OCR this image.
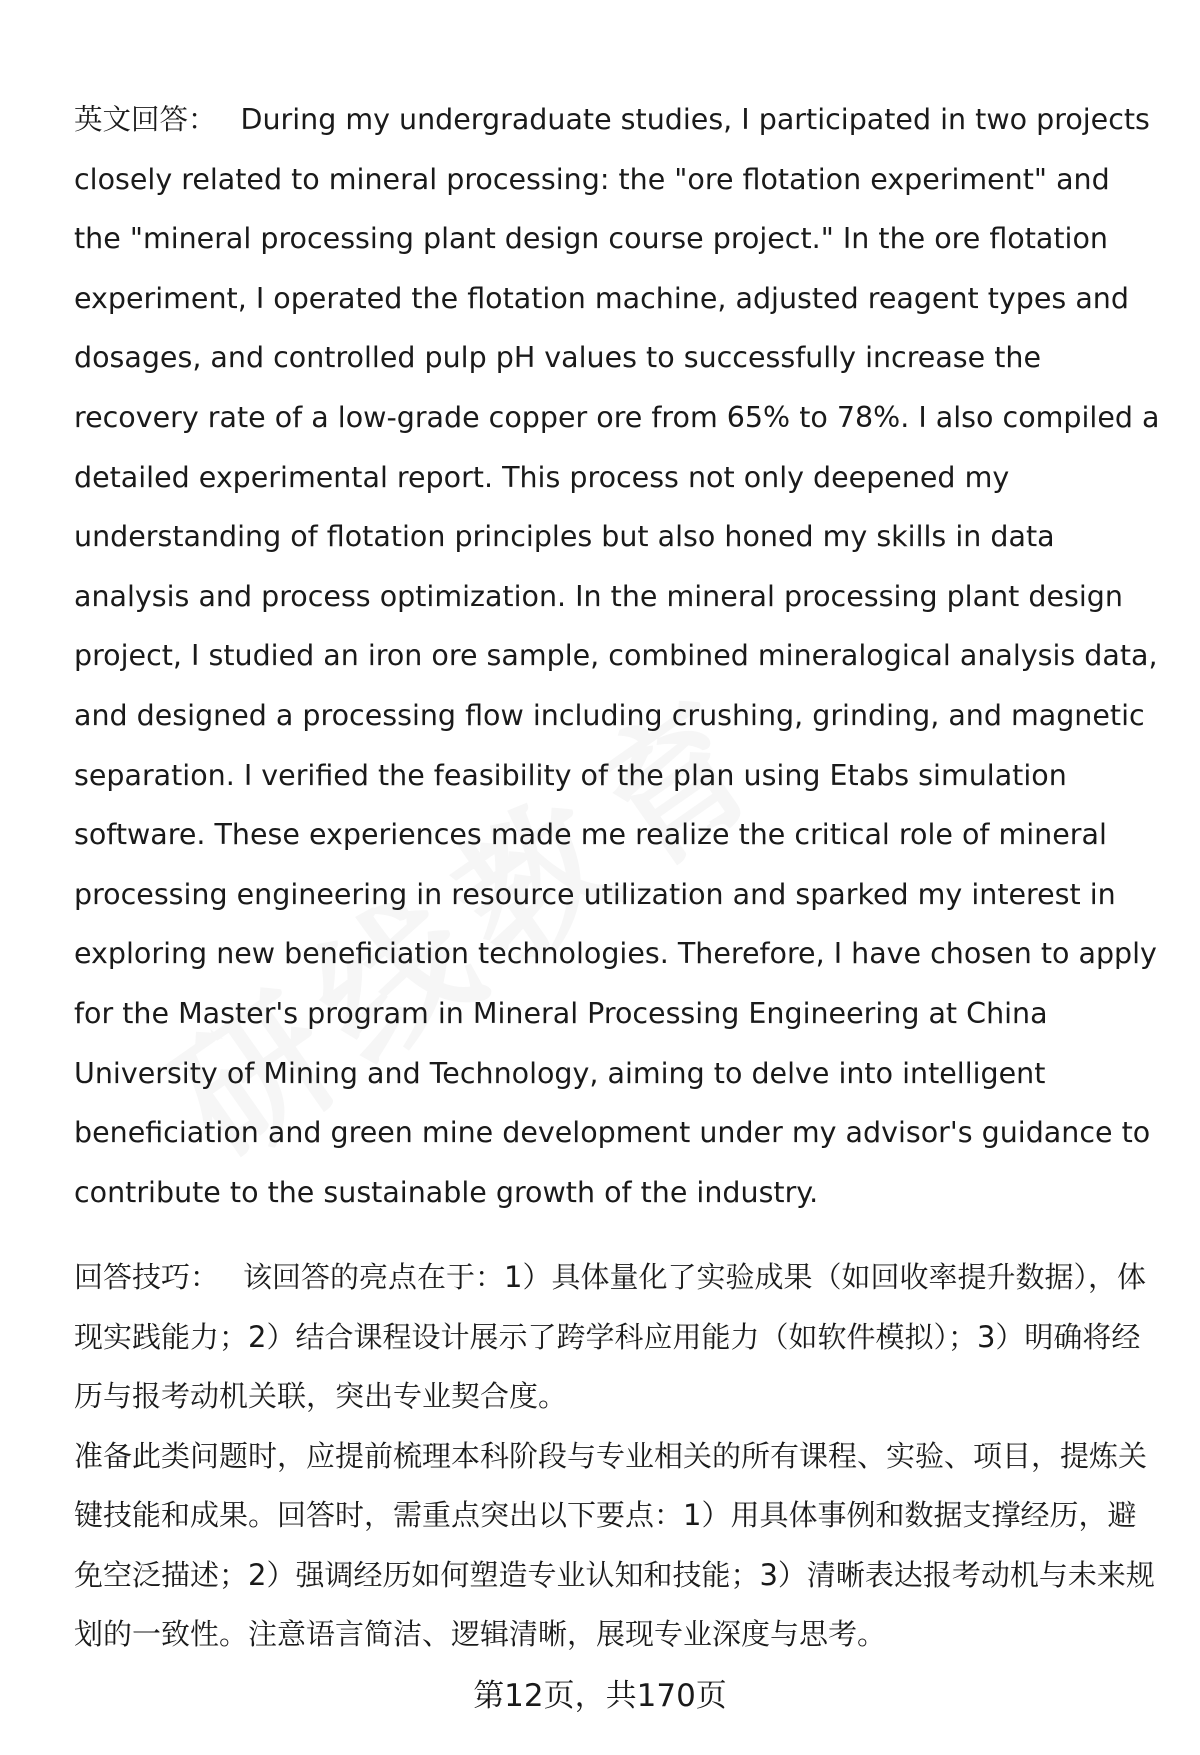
英文回答： During my undergraduate studies, I participated in two projects closely related to mineral processing: the "ore flotation experiment" and the "mineral processing plant design course project." In the ore flotation experiment, I operated the flotation machine, adjusted reagent types and dosages, and controlled pulp pH values to successfully increase the recovery rate of a low-grade copper ore from 65% to 78%. I also compiled a detailed experimental report. This process not only deepened my understanding of flotation principles but also honed my skills in data analysis and process optimization. In the mineral processing plant design project, I studied an iron ore sample, combined mineralogical analysis data, and designed a processing flow including crushing, grinding, and magnetic separation. I verified the feasibility of the plan using Etabs simulation software. These experiences made me realize the critical role of mineral processing engineering in resource utilization and sparked my interest in exploring new beneficiation technologies. Therefore, I have chosen to apply for the Master's program in Mineral Processing Engineering at China University of Mining and Technology, aiming to delve into intelligent beneficiation and green mine development under my advisor's guidance to contribute to the sustainable growth of the industry.

回答技巧： 该回答的亮点在于：1）具体量化了实验成果（如回收率提升数据），体现实践能力；2）结合课程设计展示了跨学科应用能力（如软件模拟）；3）明确将经历与报考动机关联，突出专业契合度。

准备此类问题时，应提前梳理本科阶段与专业相关的所有课程、实验、项目，提炼关键技能和成果。回答时，需重点突出以下要点：1）用具体事例和数据支撑经历，避免空泛描述；2）强调经历如何塑造专业认知和技能；3）清晰表达报考动机与未来规划的一致性。注意语言简洁、逻辑清晰，展现专业深度与思考。

第12页，共170页
